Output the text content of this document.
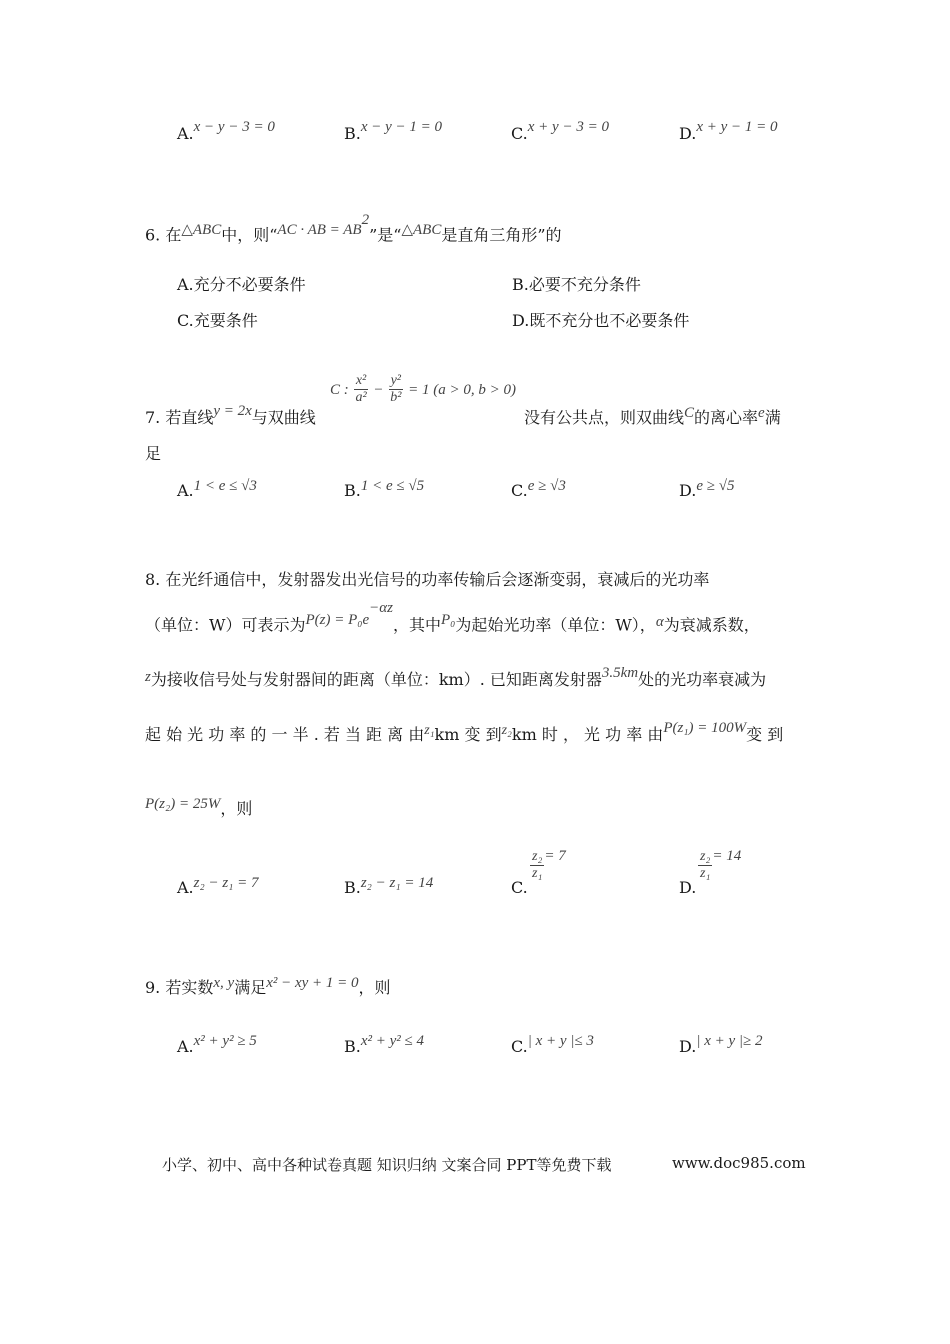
A.x − y − 3 = 0	B.x − y − 1 = 0	C.x + y − 3 = 0	D.x + y − 1 = 0
6. 在△ABC中，则“AC · AB = $AB^2$”是“△ABC是直角三角形”的
A.充分不必要条件	B.必要不充分条件
C.充要条件	D.既不充分也不必要条件
7. 若直线y = 2x与双曲线
C : $\frac{\text{x²}}{\text{a²}} - \frac{\text{y²}}{\text{b²}} = 1$ (a > 0, b > 0)
没有公共点，则双曲线C的离心率e满
足
A.1 < e ≤ √3	B.1 < e ≤ √5	C.e ≥ √3	D.e ≥ √5
8. 在光纤通信中，发射器发出光信号的功率传输后会逐渐变弱，衰减后的光功率
（单位：W）可表示为$P(z) = P_0e^{-\alpha z}$，其中P₀为起始光功率（单位：W），α为衰减系数，
z为接收信号处与发射器间的距离（单位：km）. 已知距离发射器3.5km处的光功率衰减为
起 始 光 功 率 的 一 半 . 若 当 距 离 由z₁km 变 到z₂km 时 ， 光 功 率 由P(z₁) = 100W变 到
P(z₂) = 25W，则
A.z₂ − z₁ = 7	B.z₂ − z₁ = 14	C.
$\frac{\text{z₂}}{\text{z₁}} = 7$
D.
$\frac{\text{z₂}}{\text{z₁}} = 14$
9. 若实数x, y满足x² − xy + 1 = 0，则
A.x² + y² ≥ 5	B.x² + y² ≤ 4	C.| x + y |≤ 3	D.| x + y |≥ 2
小学、初中、高中各种试卷真题 知识归纳 文案合同 PPT等免费下载	www.doc985.com
